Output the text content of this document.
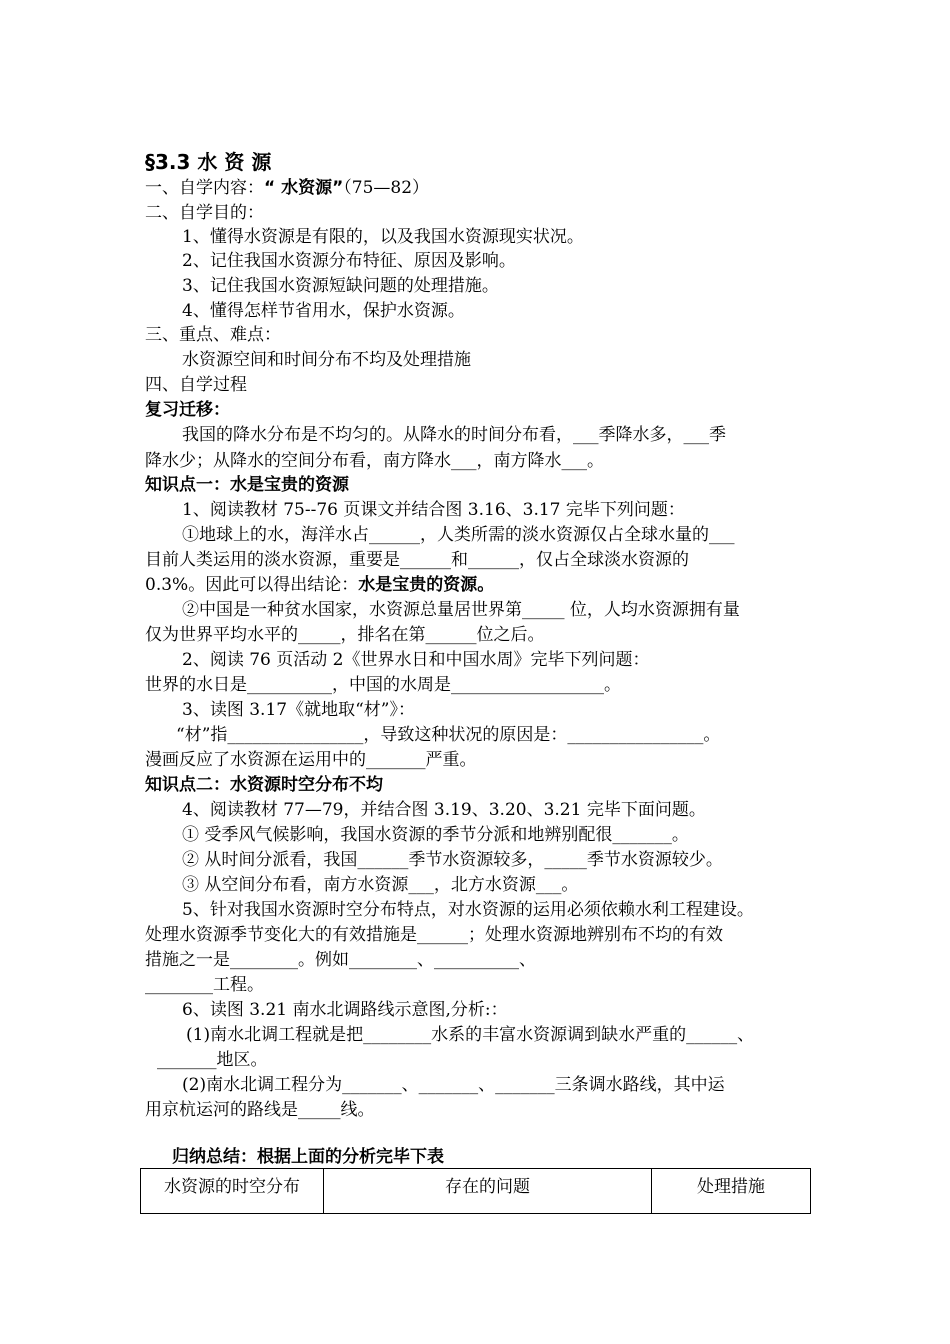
§3.3 水 资 源
一、自学内容：“ 水资源”（75—82）
二、自学目的：
1、懂得水资源是有限的，以及我国水资源现实状况。
2、记住我国水资源分布特征、原因及影响。
3、记住我国水资源短缺问题的处理措施。
4、懂得怎样节省用水，保护水资源。
三、重点、难点：
水资源空间和时间分布不均及处理措施
四、自学过程
复习迁移：
我国的降水分布是不均匀的。从降水的时间分布看，___季降水多，___季
降水少；从降水的空间分布看，南方降水___，南方降水___。
知识点一：水是宝贵的资源
1、阅读教材 75--76 页课文并结合图 3.16、3.17 完毕下列问题：
①地球上的水，海洋水占______，人类所需的淡水资源仅占全球水量的___
目前人类运用的淡水资源，重要是______和______，仅占全球淡水资源的
0.3%。因此可以得出结论：水是宝贵的资源。
②中国是一种贫水国家，水资源总量居世界第_____ 位，人均水资源拥有量
仅为世界平均水平的_____，排名在第______位之后。
2、阅读 76 页活动 2《世界水日和中国水周》完毕下列问题：
世界的水日是__________，中国的水周是__________________。
3、读图 3.17《就地取“材”》：
“材”指________________，导致这种状况的原因是：________________。
漫画反应了水资源在运用中的_______严重。
知识点二：水资源时空分布不均
4、阅读教材 77—79，并结合图 3.19、3.20、3.21 完毕下面问题。
① 受季风气候影响，我国水资源的季节分派和地辨别配很_______。
② 从时间分派看，我国______季节水资源较多，_____季节水资源较少。
③ 从空间分布看，南方水资源___，北方水资源___。
5、针对我国水资源时空分布特点，对水资源的运用必须依赖水利工程建设。
处理水资源季节变化大的有效措施是______；处理水资源地辨别布不均的有效
措施之一是________。例如________、__________、
________工程。
6、读图 3.21 南水北调路线示意图,分析:：
(1)南水北调工程就是把________水系的丰富水资源调到缺水严重的______、
_______地区。
(2)南水北调工程分为_______、_______、_______三条调水路线，其中运
用京杭运河的路线是_____线。
归纳总结：根据上面的分析完毕下表
水资源的时空分布	存在的问题	处理措施
